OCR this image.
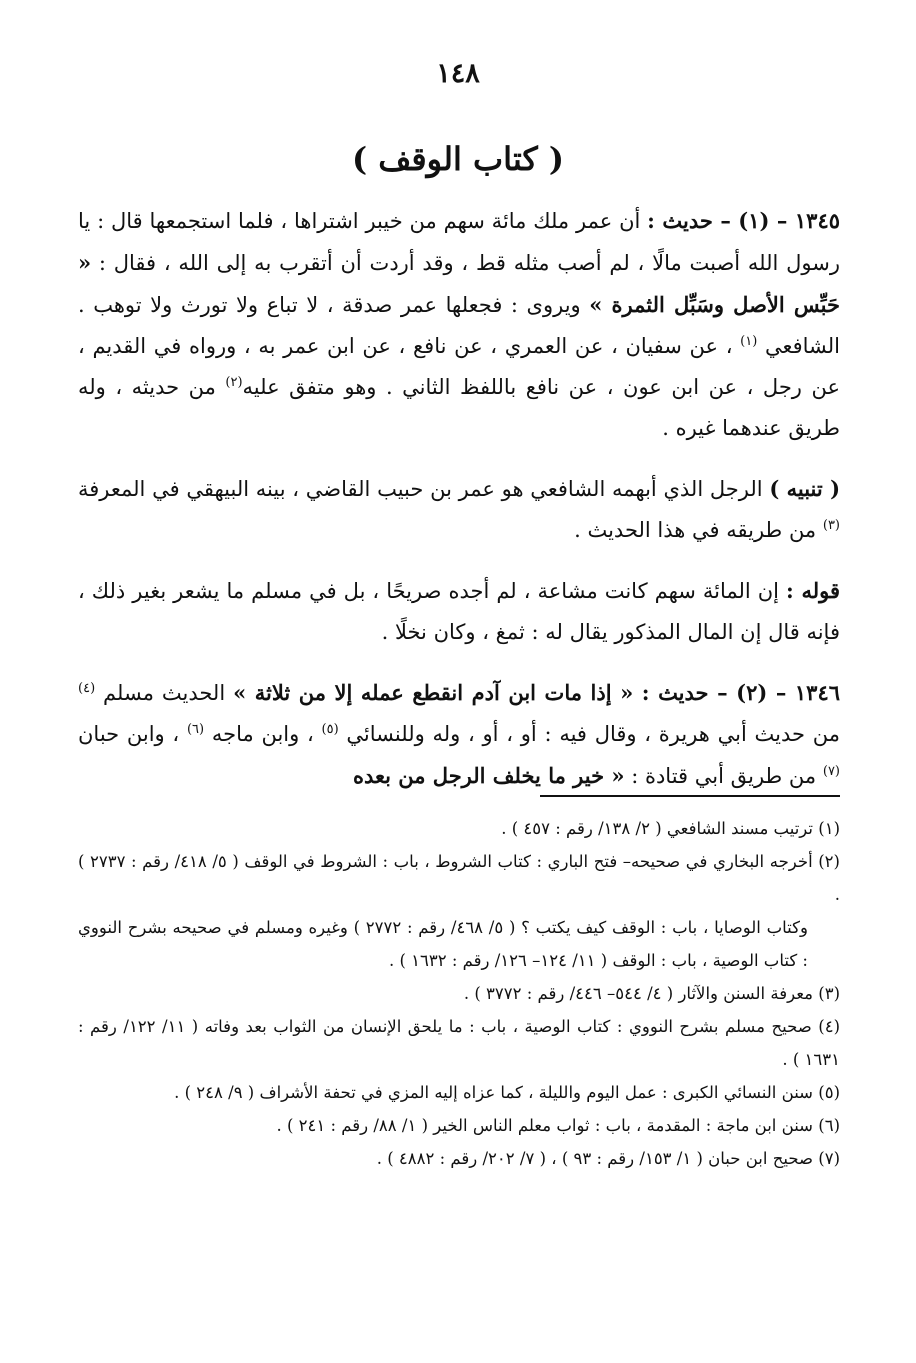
١٤٨
( كتاب الوقف )

١٣٤٥ – (١) – حديث : أن عمر ملك مائة سهم من خيبر اشتراها ، فلما استجمعها قال : يا رسول الله أصبت مالًا ، لم أصب مثله قط ، وقد أردت أن أتقرب به إلى الله ، فقال : « حَبِّس الأصل وسَبِّل الثمرة » ويروى : فجعلها عمر صدقة ، لا تباع ولا تورث ولا توهب . الشافعي $^{(١)}$ ، عن سفيان ، عن العمري ، عن نافع ، عن ابن عمر به ، ورواه في القديم ، عن رجل ، عن ابن عون ، عن نافع باللفظ الثاني . وهو متفق عليه$^{(٢)}$ من حديثه ، وله طريق عندهما غيره .

( تنبيه ) الرجل الذي أبهمه الشافعي هو عمر بن حبيب القاضي ، بينه البيهقي في المعرفة $^{(٣)}$ من طريقه في هذا الحديث .

قوله : إن المائة سهم كانت مشاعة ، لم أجده صريحًا ، بل في مسلم ما يشعر بغير ذلك ، فإنه قال إن المال المذكور يقال له : ثمغ ، وكان نخلًا .

١٣٤٦ – (٢) – حديث : « إذا مات ابن آدم انقطع عمله إلا من ثلاثة » الحديث مسلم $^{(٤)}$ من حديث أبي هريرة ، وقال فيه : أو ، أو ، وله وللنسائي $^{(٥)}$ ، وابن ماجه $^{(٦)}$ ، وابن حبان $^{(٧)}$ من طريق أبي قتادة : « خير ما يخلف الرجل من بعده

(١) ترتيب مسند الشافعي ( ٢/ ١٣٨/ رقم : ٤٥٧ ) .

(٢) أخرجه البخاري في صحيحه– فتح الباري : كتاب الشروط ، باب : الشروط في الوقف ( ٥/ ٤١٨/ رقم : ٢٧٣٧ ) .

وكتاب الوصايا ، باب : الوقف كيف يكتب ؟ ( ٥/ ٤٦٨/ رقم : ٢٧٧٢ ) وغيره ومسلم في صحيحه بشرح النووي : كتاب الوصية ، باب : الوقف ( ١١/ ١٢٤– ١٢٦/ رقم : ١٦٣٢ ) .

(٣) معرفة السنن والآثار ( ٤/ ٥٤٤– ٤٤٦/ رقم : ٣٧٧٢ ) .

(٤) صحيح مسلم بشرح النووي : كتاب الوصية ، باب : ما يلحق الإنسان من الثواب بعد وفاته ( ١١/ ١٢٢/ رقم : ١٦٣١ ) .

(٥) سنن النسائي الكبرى : عمل اليوم والليلة ، كما عزاه إليه المزي في تحفة الأشراف ( ٩/ ٢٤٨ ) .

(٦) سنن ابن ماجة : المقدمة ، باب : ثواب معلم الناس الخير ( ١/ ٨٨/ رقم : ٢٤١ ) .

(٧) صحيح ابن حبان ( ١/ ١٥٣/ رقم : ٩٣ ) ، ( ٧/ ٢٠٢/ رقم : ٤٨٨٢ ) .
